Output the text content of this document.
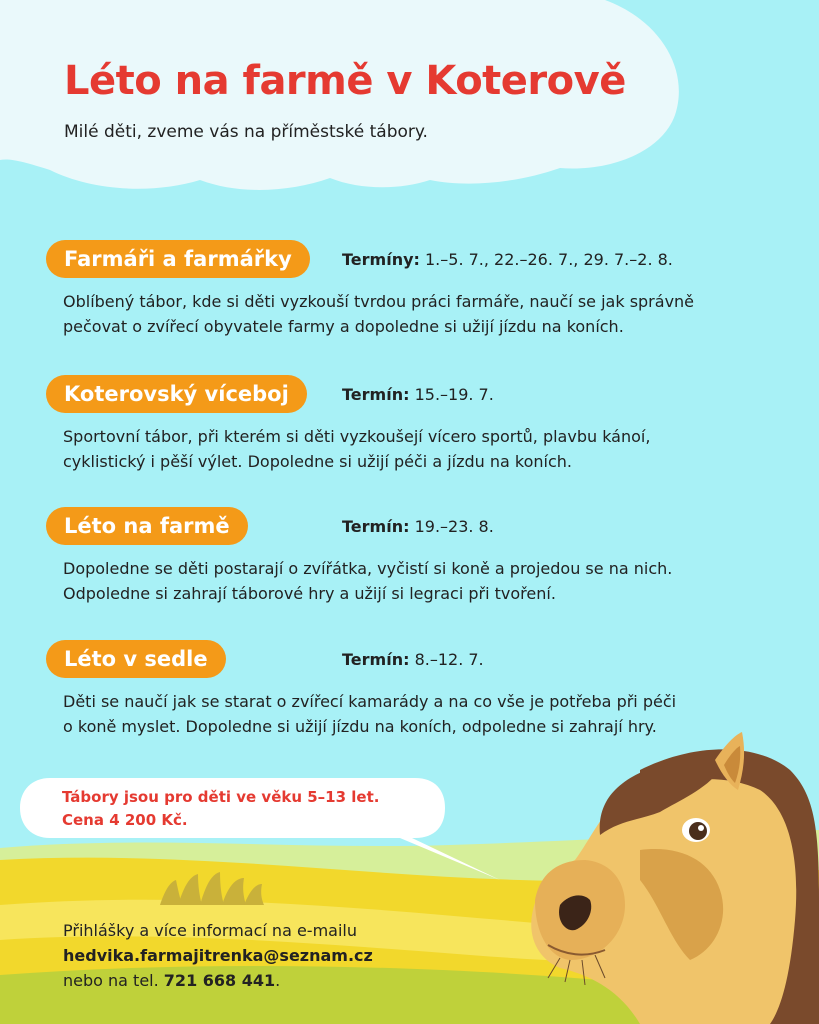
Léto na farmě v Koterově

Milé děti, zveme vás na příměstské tábory.

Farmáři a farmářky	Termíny: 1.–5. 7., 22.–26. 7., 29. 7.–2. 8.

Oblíbený tábor, kde si děti vyzkouší tvrdou práci farmáře, naučí se jak správně
pečovat o zvířecí obyvatele farmy a dopoledne si užijí jízdu na koních.

Koterovský víceboj	Termín: 15.–19. 7.

Sportovní tábor, při kterém si děti vyzkoušejí vícero sportů, plavbu kánoí,
cyklistický i pěší výlet. Dopoledne si užijí péči a jízdu na koních.

Léto na farmě	Termín: 19.–23. 8.

Dopoledne se děti postarají o zvířátka, vyčistí si koně a projedou se na nich.
Odpoledne si zahrají táborové hry a užijí si legraci při tvoření.

Léto v sedle	Termín: 8.–12. 7.

Děti se naučí jak se starat o zvířecí kamarády a na co vše je potřeba při péči
o koně myslet. Dopoledne si užijí jízdu na koních, odpoledne si zahrají hry.

Tábory jsou pro děti ve věku 5–13 let.
Cena 4 200 Kč.

Přihlášky a více informací na e-mailu
hedvika.farmajitrenka@seznam.cz
nebo na tel. 721 668 441.
